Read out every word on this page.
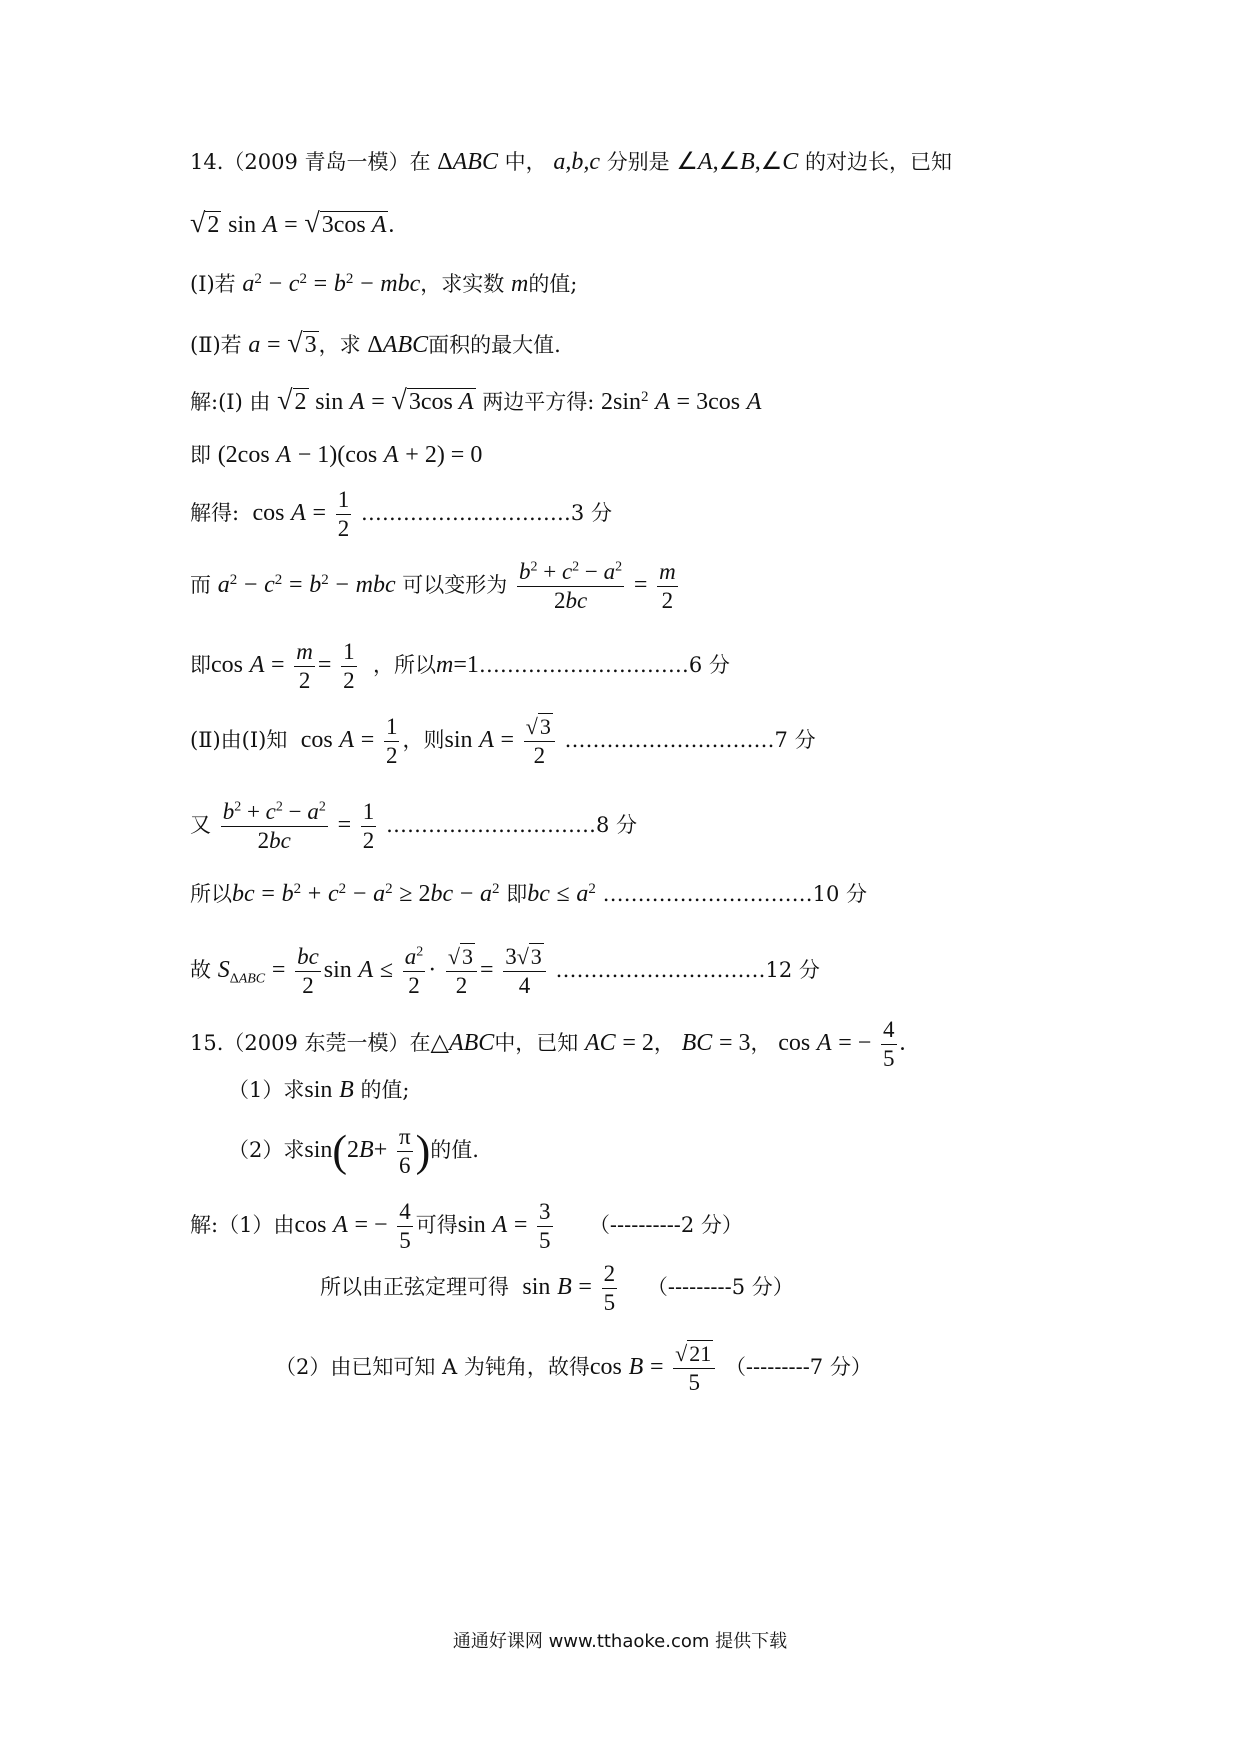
14.（2009 青岛一模）在 ΔABC 中， a,b,c 分别是 ∠A,∠B,∠C 的对边长，已知
√2 sin A = √3cos A.
(Ⅰ)若 $a^2 - c^2 = b^2$ − mbc，求实数 m的值;
(Ⅱ)若 a = √3，求 ΔABC面积的最大值.
解:(Ⅰ) 由 √2 sin A = √3cos A 两边平方得: $2\sin^2$ A = 3cos A
即 (2cos A − 1)(cos A + 2) = 0
解得: $\cos A = \frac{1}{2}$ …………………………3 分
而 $a^2 - c^2 = b^2$ − mbc 可以变形为 $\frac{b^2 + c^2 - a^2}{2bc} = \frac{m}{2}$
即$\cos A = \frac{m}{2} = \frac{1}{2}$ ，所以m=1…………………………6 分
(Ⅱ)由(Ⅰ)知 $\cos A = \frac{1}{2}$ ，则$\sin A = \frac{√3}{2}$ …………………………7 分
又 $\frac{b^2 + c^2 - a^2}{2bc} = \frac{1}{2}$ …………………………8 分
所以bc = $b^2 + c^2 - a^2 \ge 2bc - a^2$ 即bc ≤ $a^2$ …………………………10 分
故 $S_{\Delta ABC} = \frac{bc}{2}$ $\sin A \le \frac{a^2}{2} \cdot \frac{√3}{2} = \frac{3√3}{4}$ …………………………12 分
15.（2009 东莞一模）在△ABC中，已知 AC = 2， BC = 3， cos A = − $\frac{4}{5}$ .
（1）求sin B 的值;
（2）求$\sin(2B+ \frac{\pi}{6}$ )的值.
解:（1）由cos A = − $\frac{4}{5}$ 可得$\sin A = \frac{3}{5} (----------2$ 分）
所以由正弦定理可得 $\sin B = \frac{2}{5} (---------5$ 分）
（2）由已知可知 A 为钝角，故得$\cos B = \frac{√21}{5} (---------7$ 分）
通通好课网 www.tthaoke.com 提供下载
